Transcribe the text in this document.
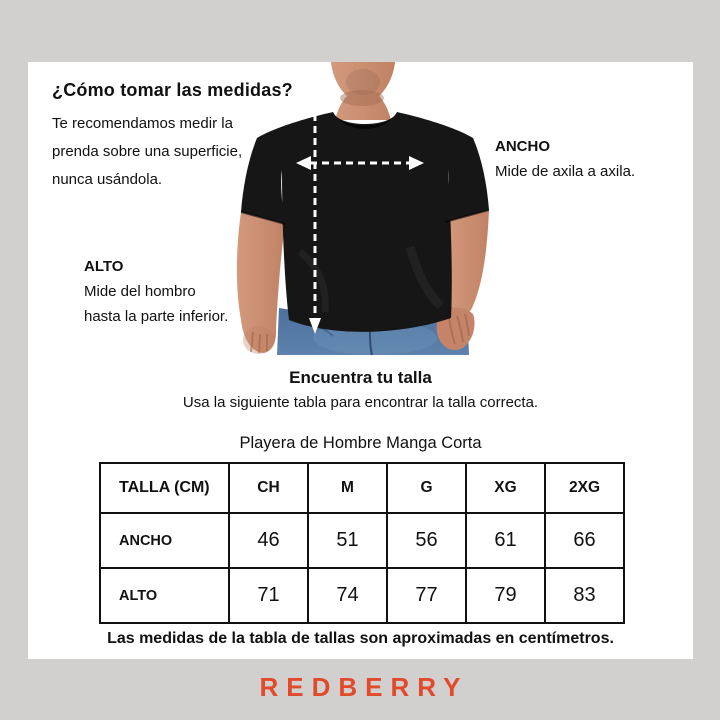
¿Cómo tomar las medidas?
Te recomendamos medir la
prenda sobre una superficie,
nunca usándola.
ANCHO
Mide de axila a axila.
ALTO
Mide del hombro
hasta la parte inferior.
Encuentra tu talla
Usa la siguiente tabla para encontrar la talla correcta.
Playera de Hombre Manga Corta
TALLA (CM)	CH	M	G	XG	2XG
ANCHO	46	51	56	61	66
ALTO	71	74	77	79	83
Las medidas de la tabla de tallas son aproximadas en centímetros.
REDBERRY
